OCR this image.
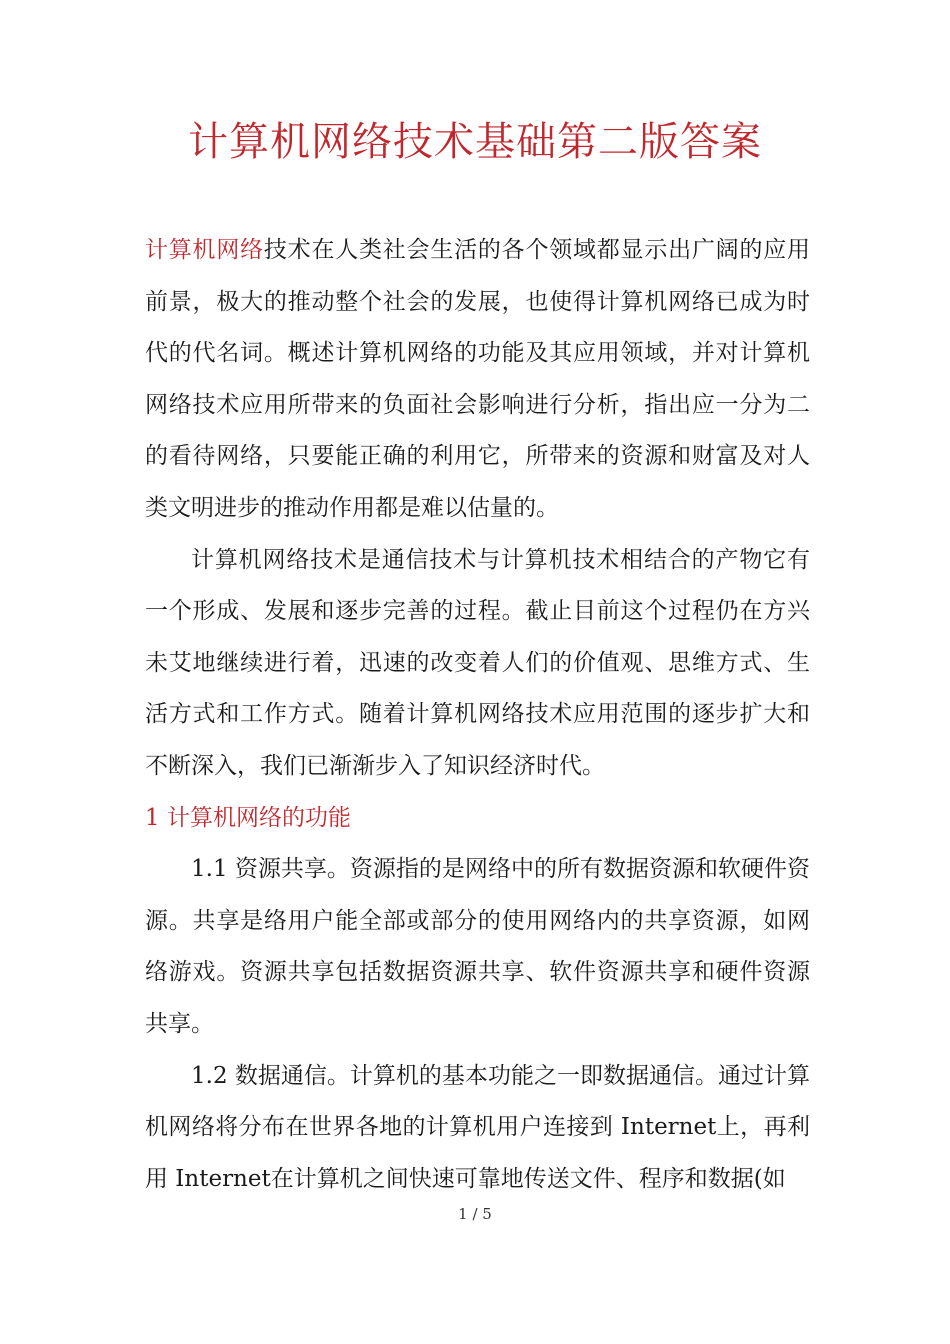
计算机网络技术基础第二版答案

计算机网络技术在人类社会生活的各个领域都显示出广阔的应用前景，极大的推动整个社会的发展，也使得计算机网络已成为时代的代名词。概述计算机网络的功能及其应用领域，并对计算机网络技术应用所带来的负面社会影响进行分析，指出应一分为二的看待网络，只要能正确的利用它，所带来的资源和财富及对人类文明进步的推动作用都是难以估量的。

计算机网络技术是通信技术与计算机技术相结合的产物它有一个形成、发展和逐步完善的过程。截止目前这个过程仍在方兴未艾地继续进行着，迅速的改变着人们的价值观、思维方式、生活方式和工作方式。随着计算机网络技术应用范围的逐步扩大和不断深入，我们已渐渐步入了知识经济时代。

1 计算机网络的功能

1.1 资源共享。资源指的是网络中的所有数据资源和软硬件资源。共享是络用户能全部或部分的使用网络内的共享资源，如网络游戏。资源共享包括数据资源共享、软件资源共享和硬件资源共享。

1.2 数据通信。计算机的基本功能之一即数据通信。通过计算机网络将分布在世界各地的计算机用户连接到 Internet上，再利用 Internet在计算机之间快速可靠地传送文件、程序和数据(如

1 / 5
